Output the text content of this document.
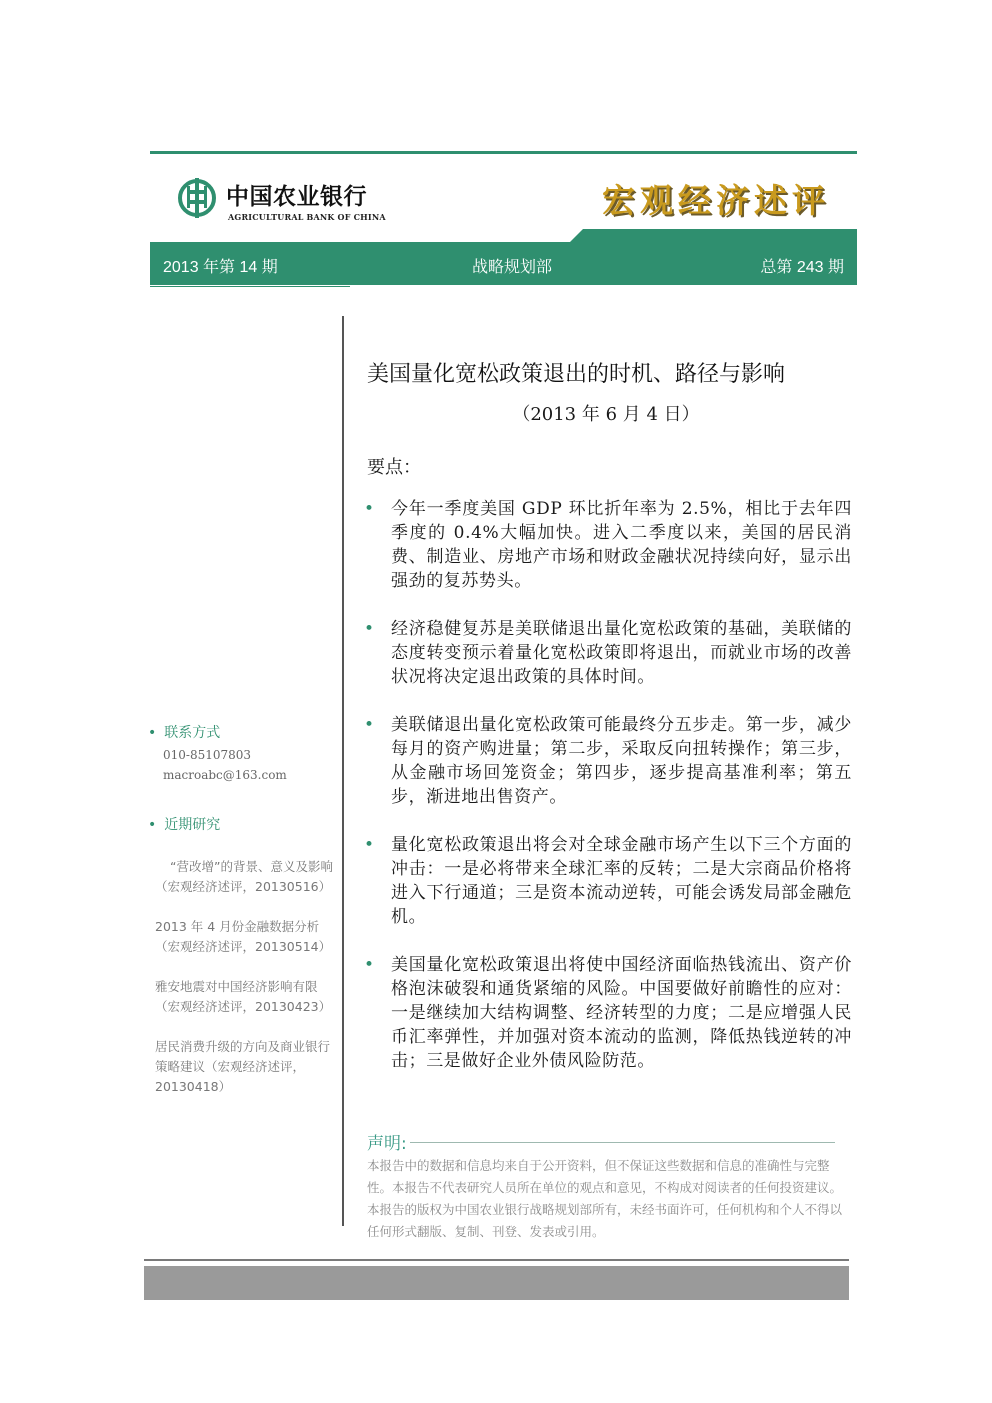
中国农业银行
AGRICULTURAL BANK OF CHINA	宏观经济述评
2013 年第 14 期	战略规划部	总第 243 期
美国量化宽松政策退出的时机、路径与影响
（2013 年 6 月 4 日）
要点：
• 今年一季度美国 GDP 环比折年率为 2.5%，相比于去年四季度的 0.4%大幅加快。进入二季度以来，美国的居民消费、制造业、房地产市场和财政金融状况持续向好，显示出强劲的复苏势头。
• 经济稳健复苏是美联储退出量化宽松政策的基础，美联储的态度转变预示着量化宽松政策即将退出，而就业市场的改善状况将决定退出政策的具体时间。
• 美联储退出量化宽松政策可能最终分五步走。第一步，减少每月的资产购进量；第二步，采取反向扭转操作；第三步，从金融市场回笼资金；第四步，逐步提高基准利率；第五步，渐进地出售资产。
• 量化宽松政策退出将会对全球金融市场产生以下三个方面的冲击：一是必将带来全球汇率的反转；二是大宗商品价格将进入下行通道；三是资本流动逆转，可能会诱发局部金融危机。
• 美国量化宽松政策退出将使中国经济面临热钱流出、资产价格泡沫破裂和通货紧缩的风险。中国要做好前瞻性的应对：一是继续加大结构调整、经济转型的力度；二是应增强人民币汇率弹性，并加强对资本流动的监测，降低热钱逆转的冲击；三是做好企业外债风险防范。
• 联系方式
010-85107803
macroabc@163.com
• 近期研究
“营改增”的背景、意义及影响（宏观经济述评，20130516）
2013 年 4 月份金融数据分析（宏观经济述评，20130514）
雅安地震对中国经济影响有限（宏观经济述评，20130423）
居民消费升级的方向及商业银行策略建议（宏观经济述评，20130418）
声明:
本报告中的数据和信息均来自于公开资料，但不保证这些数据和信息的准确性与完整性。本报告不代表研究人员所在单位的观点和意见，不构成对阅读者的任何投资建议。本报告的版权为中国农业银行战略规划部所有，未经书面许可，任何机构和个人不得以任何形式翻版、复制、刊登、发表或引用。
